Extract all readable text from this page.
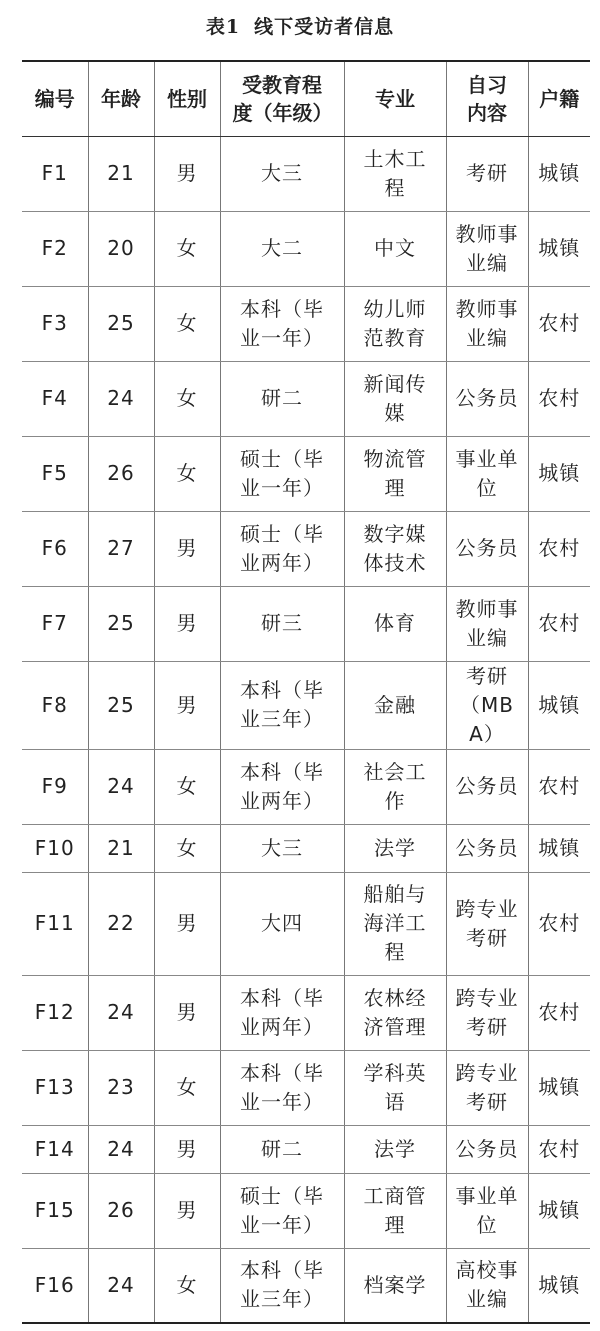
表1 线下受访者信息
编号	年龄	性别	受教育程度（年级）	专业	自习内容	户籍
F1	21	男	大三	土木工程	考研	城镇
F2	20	女	大二	中文	教师事业编	城镇
F3	25	女	本科（毕业一年）	幼儿师范教育	教师事业编	农村
F4	24	女	研二	新闻传媒	公务员	农村
F5	26	女	硕士（毕业一年）	物流管理	事业单位	城镇
F6	27	男	硕士（毕业两年）	数字媒体技术	公务员	农村
F7	25	男	研三	体育	教师事业编	农村
F8	25	男	本科（毕业三年）	金融	考研（MBA）	城镇
F9	24	女	本科（毕业两年）	社会工作	公务员	农村
F10	21	女	大三	法学	公务员	城镇
F11	22	男	大四	船舶与海洋工程	跨专业考研	农村
F12	24	男	本科（毕业两年）	农林经济管理	跨专业考研	农村
F13	23	女	本科（毕业一年）	学科英语	跨专业考研	城镇
F14	24	男	研二	法学	公务员	农村
F15	26	男	硕士（毕业一年）	工商管理	事业单位	城镇
F16	24	女	本科（毕业三年）	档案学	高校事业编	城镇
